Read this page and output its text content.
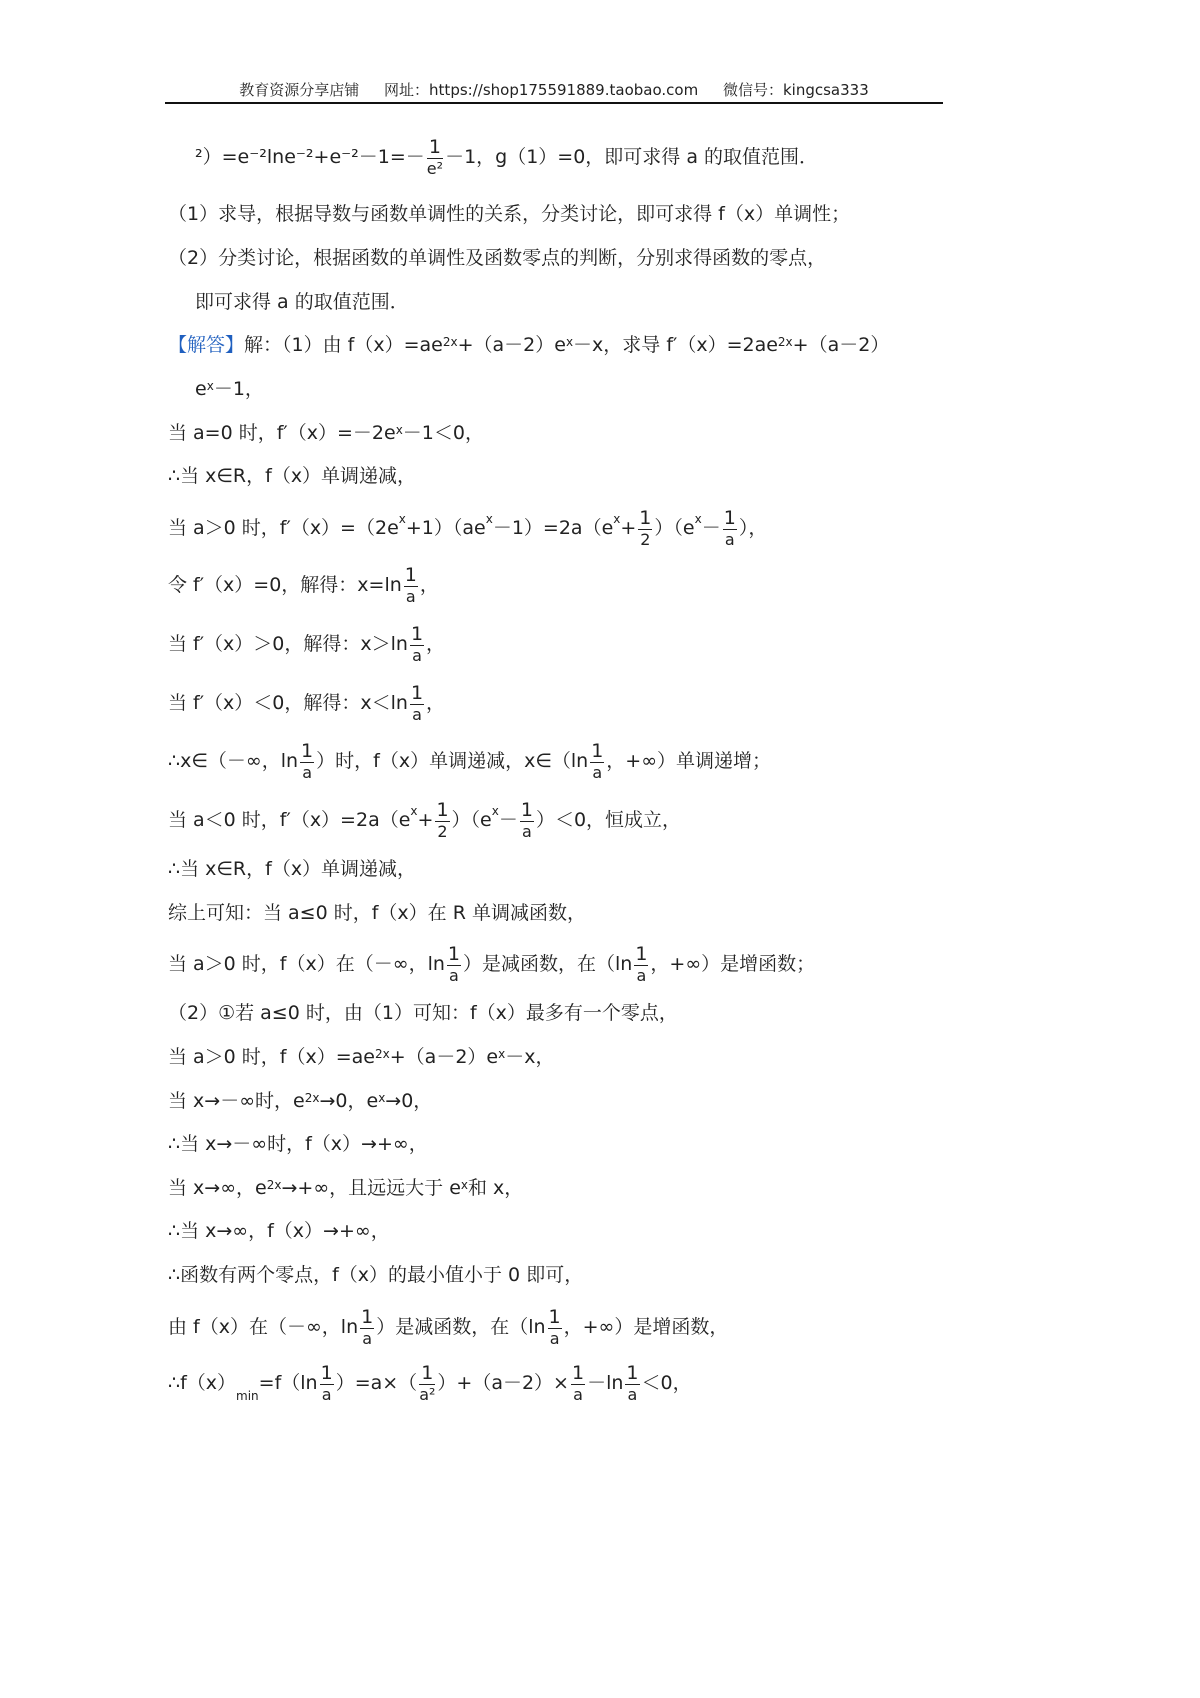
教育资源分享店铺 网址：https://shop175591889.taobao.com 微信号：kingcsa333
$^2)=e^{-2}\ln e^{-2}+e^{-2}-1=- \frac{1}{\text{e²}} -1$，g（1）=0，即可求得 a 的取值范围．
（1）求导，根据导数与函数单调性的关系，分类讨论，即可求得 f（x）单调性；
（2）分类讨论，根据函数的单调性及函数零点的判断，分别求得函数的零点，
即可求得 a 的取值范围．
【解答】解：（1）由 $f(x)=ae^{2x}+(a-2)e^x-x$，求导 $f'(x)=2ae^{2x}+(a-2)$
$e^x-1$，
当 a=0 时，$f'(x)=-2e^x-1<0$，
∴当 x∈R，f（x）单调递减，
当 a＞0 时，$f'(x)=(2e^x+1)(ae^x-1)=2a(e^x+ \frac{1}{2} )(e^x- \frac{1}{a}$ ），
令 f′（x）=0，解得：$x=\ln \frac{1}{a}$ ，
当 f′（x）＞0，解得：$x>\ln \frac{1}{a}$ ，
当 f′（x）＜0，解得：$x<\ln \frac{1}{a}$ ，
∴x∈（－∞，$\ln \frac{1}{a}$ ）时，f（x）单调递减，x∈（ln $\frac{1}{a}$ ，+∞）单调递增；
当 a＜0 时，$f'(x)=2a(e^x+ \frac{1}{2} )(e^x- \frac{1}{a} )<0$，恒成立，
∴当 x∈R，f（x）单调递减，
综上可知：当 a≤0 时，f（x）在 R 单调减函数，
当 a＞0 时，f（x）在（－∞，$\ln \frac{1}{a}$ ）是减函数，在（$\ln \frac{1}{a}$ ，+∞）是增函数；
（2）①若 a≤0 时，由（1）可知：f（x）最多有一个零点，
当 a＞0 时，$f(x)=ae^{2x}+(a-2)e^x-x$，
当 x→－∞时，$e^{2x}\to 0$，$e^x\to 0$，
∴当 x→－∞时，f（x）→+∞，
当 x→∞，$e^{2x}\to+\infty$，且远远大于 $e^x$和 x，
∴当 x→∞，f（x）→+∞，
∴函数有两个零点，f（x）的最小值小于 0 即可，
由 f（x）在（－∞，$\ln \frac{1}{a}$ ）是减函数，在（$\ln \frac{1}{a}$ ，+∞）是增函数，
$\therefore f(x)_{min}=f(\ln \frac{1}{a} )=a\times( \frac{1}{\text{a²}} )+(a-2)\times \frac{1}{a} -\ln \frac{1}{a} <0$，
